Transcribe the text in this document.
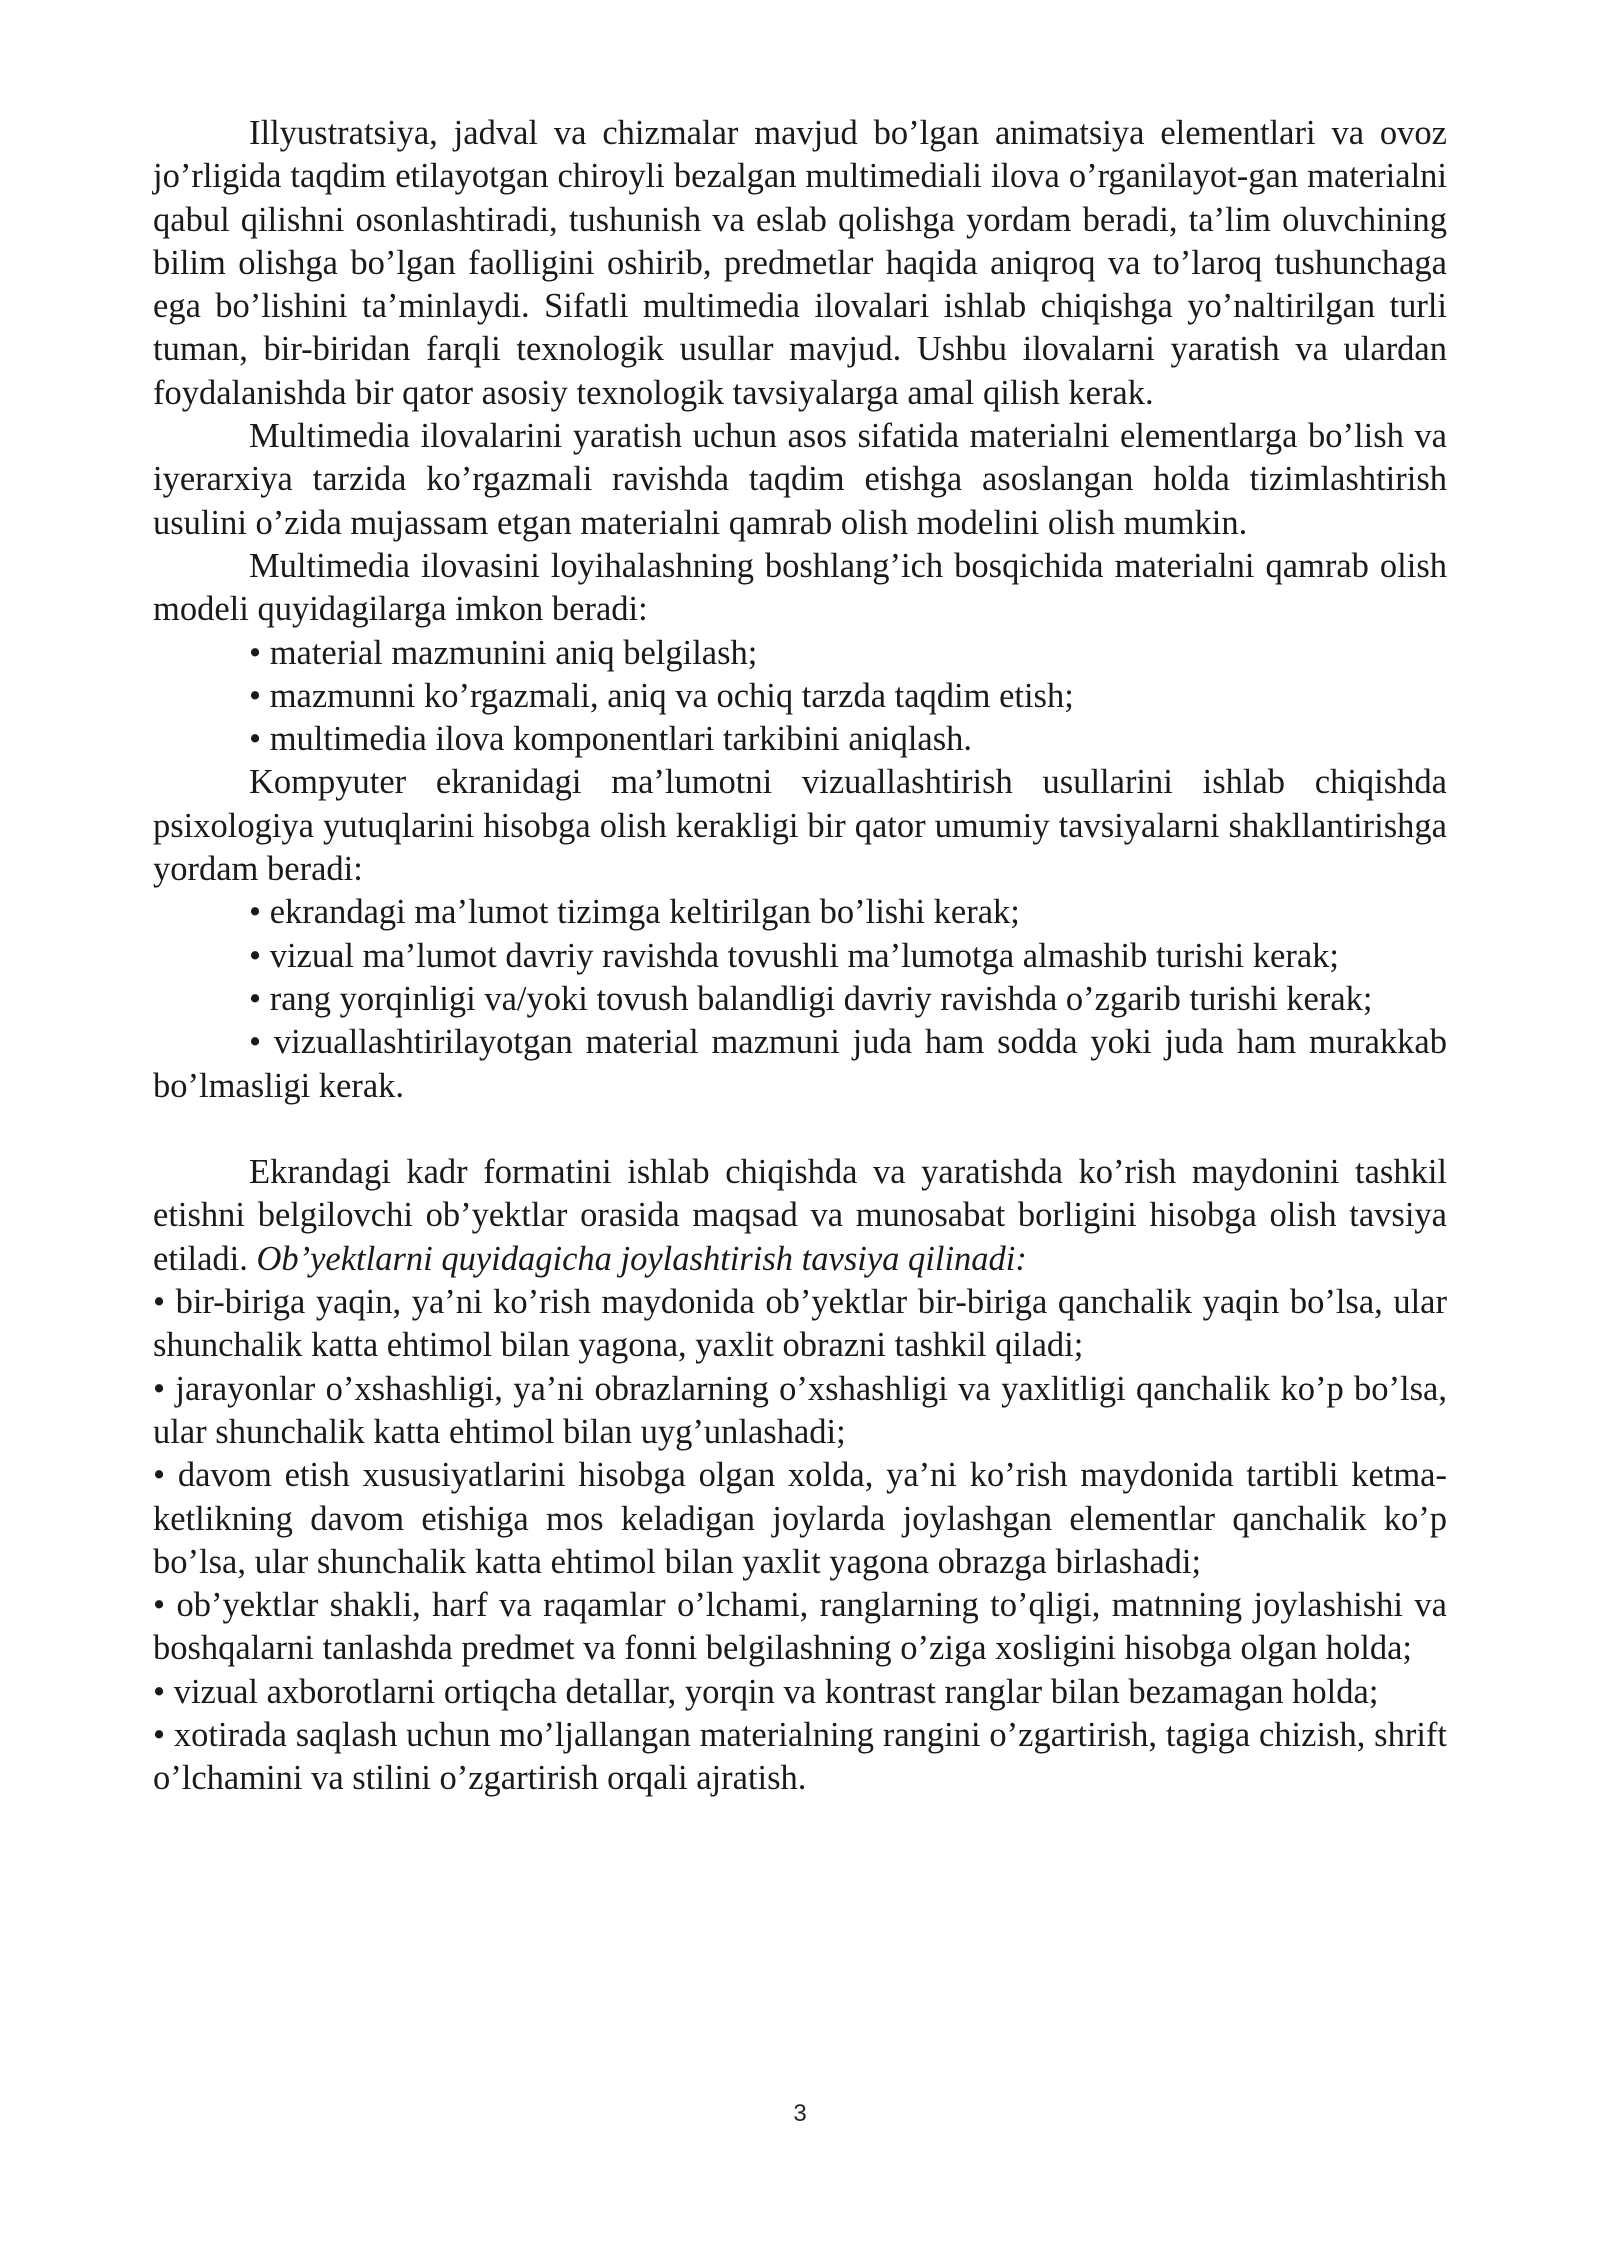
Illyustratsiya, jadval va chizmalar mavjud bo’lgan animatsiya elementlari va ovoz jo’rligida taqdim etilayotgan chiroyli bezalgan multimediali ilova o’rganilayot-gan materialni qabul qilishni osonlashtiradi, tushunish va eslab qolishga yordam beradi, ta’lim oluvchining bilim olishga bo’lgan faolligini oshirib, predmetlar haqida aniqroq va to’laroq tushunchaga ega bo’lishini ta’minlaydi. Sifatli multimedia ilovalari ishlab chiqishga yo’naltirilgan turli tuman, bir-biridan farqli texnologik usullar mavjud. Ushbu ilovalarni yaratish va ulardan foydalanishda bir qator asosiy texnologik tavsiyalarga amal qilish kerak.

Multimedia ilovalarini yaratish uchun asos sifatida materialni elementlarga bo’lish va iyerarxiya tarzida ko’rgazmali ravishda taqdim etishga asoslangan holda tizimlashtirish usulini o’zida mujassam etgan materialni qamrab olish modelini olish mumkin.

Multimedia ilovasini loyihalashning boshlang’ich bosqichida materialni qamrab olish modeli quyidagilarga imkon beradi:

• material mazmunini aniq belgilash;

• mazmunni ko’rgazmali, aniq va ochiq tarzda taqdim etish;

• multimedia ilova komponentlari tarkibini aniqlash.

Kompyuter ekranidagi ma’lumotni vizuallashtirish usullarini ishlab chiqishda psixologiya yutuqlarini hisobga olish kerakligi bir qator umumiy tavsiyalarni shakllantirishga yordam beradi:

• ekrandagi ma’lumot tizimga keltirilgan bo’lishi kerak;

• vizual ma’lumot davriy ravishda tovushli ma’lumotga almashib turishi kerak;

• rang yorqinligi va/yoki tovush balandligi davriy ravishda o’zgarib turishi kerak;

• vizuallashtirilayotgan material mazmuni juda ham sodda yoki juda ham murakkab bo’lmasligi kerak.

Ekrandagi kadr formatini ishlab chiqishda va yaratishda ko’rish maydonini tashkil etishni belgilovchi ob’yektlar orasida maqsad va munosabat borligini hisobga olish tavsiya etiladi. Ob’yektlarni quyidagicha joylashtirish tavsiya qilinadi:

• bir-biriga yaqin, ya’ni ko’rish maydonida ob’yektlar bir-biriga qanchalik yaqin bo’lsa, ular shunchalik katta ehtimol bilan yagona, yaxlit obrazni tashkil qiladi;

• jarayonlar o’xshashligi, ya’ni obrazlarning o’xshashligi va yaxlitligi qanchalik ko’p bo’lsa, ular shunchalik katta ehtimol bilan uyg’unlashadi;

• davom etish xususiyatlarini hisobga olgan xolda, ya’ni ko’rish maydonida tartibli ketma-ketlikning davom etishiga mos keladigan joylarda joylashgan elementlar qanchalik ko’p bo’lsa, ular shunchalik katta ehtimol bilan yaxlit yagona obrazga birlashadi;

• ob’yektlar shakli, harf va raqamlar o’lchami, ranglarning to’qligi, matnning joylashishi va boshqalarni tanlashda predmet va fonni belgilashning o’ziga xosligini hisobga olgan holda;

• vizual axborotlarni ortiqcha detallar, yorqin va kontrast ranglar bilan bezamagan holda;

• xotirada saqlash uchun mo’ljallangan materialning rangini o’zgartirish, tagiga chizish, shrift o’lchamini va stilini o’zgartirish orqali ajratish.

3
